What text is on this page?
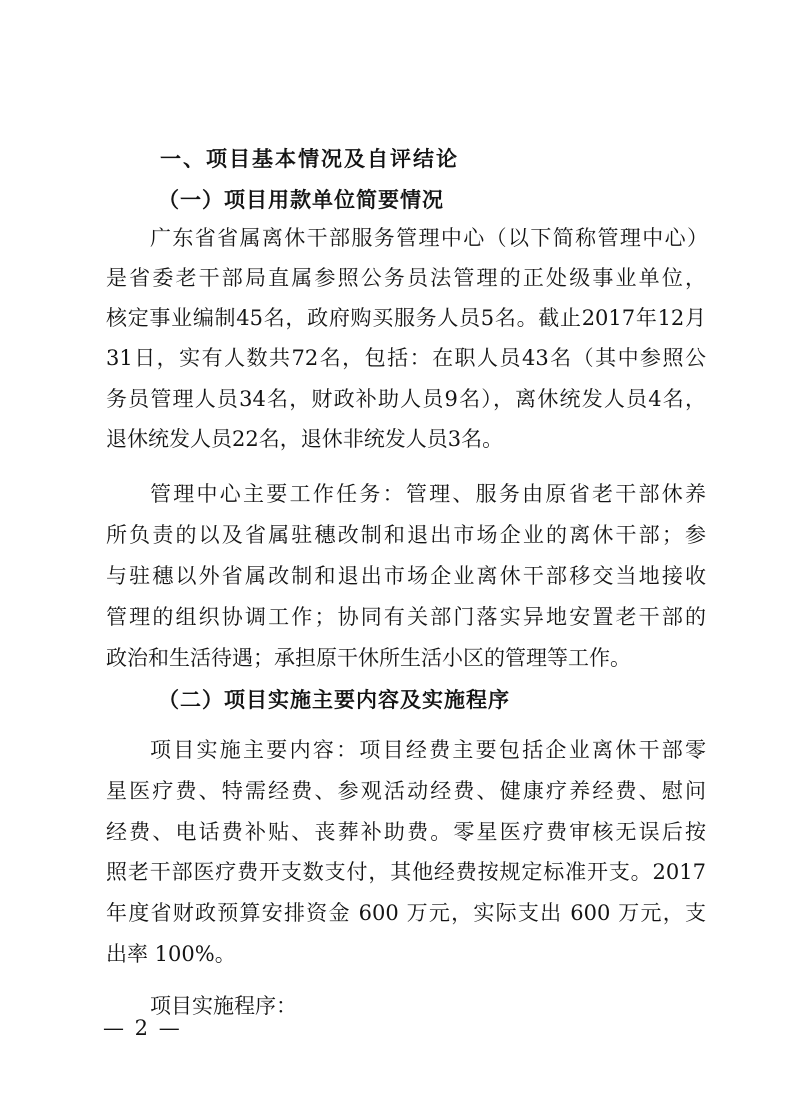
一、项目基本情况及自评结论
（一）项目用款单位简要情况
广东省省属离休干部服务管理中心（以下简称管理中心）
是省委老干部局直属参照公务员法管理的正处级事业单位，
核定事业编制45名，政府购买服务人员5名。截止2017年12月
31日，实有人数共72名，包括：在职人员43名（其中参照公
务员管理人员34名，财政补助人员9名），离休统发人员4名，
退休统发人员22名，退休非统发人员3名。
管理中心主要工作任务：管理、服务由原省老干部休养
所负责的以及省属驻穗改制和退出市场企业的离休干部；参
与驻穗以外省属改制和退出市场企业离休干部移交当地接收
管理的组织协调工作；协同有关部门落实异地安置老干部的
政治和生活待遇；承担原干休所生活小区的管理等工作。
（二）项目实施主要内容及实施程序
项目实施主要内容：项目经费主要包括企业离休干部零
星医疗费、特需经费、参观活动经费、健康疗养经费、慰问
经费、电话费补贴、丧葬补助费。零星医疗费审核无误后按
照老干部医疗费开支数支付，其他经费按规定标准开支。2017
年度省财政预算安排资金 600 万元，实际支出 600 万元，支
出率 100%。
项目实施程序：
— 2 —
